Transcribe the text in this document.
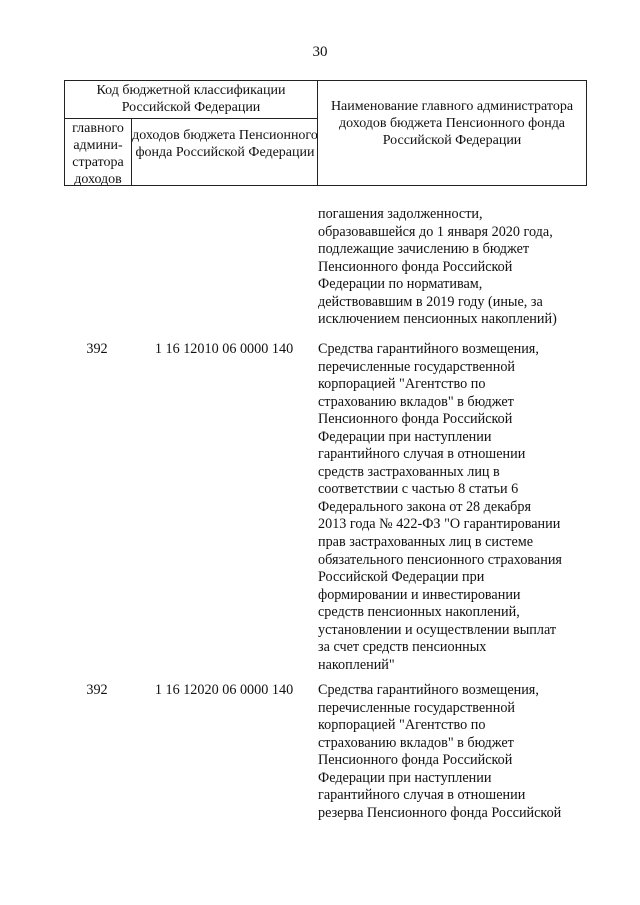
30
Код бюджетной классификации Российской Федерации
главного админи-стратора доходов
доходов бюджета Пенсионного фонда Российской Федерации
Наименование главного администратора доходов бюджета Пенсионного фонда Российской Федерации
погашения задолженности,
образовавшейся до 1 января 2020 года,
подлежащие зачислению в бюджет
Пенсионного фонда Российской
Федерации по нормативам,
действовавшим в 2019 году (иные, за
исключением пенсионных накоплений)
392	1 16 12010 06 0000 140	Средства гарантийного возмещения,
перечисленные государственной
корпорацией "Агентство по
страхованию вкладов" в бюджет
Пенсионного фонда Российской
Федерации при наступлении
гарантийного случая в отношении
средств застрахованных лиц в
соответствии с частью 8 статьи 6
Федерального закона от 28 декабря
2013 года № 422-ФЗ "О гарантировании
прав застрахованных лиц в системе
обязательного пенсионного страхования
Российской Федерации при
формировании и инвестировании
средств пенсионных накоплений,
установлении и осуществлении выплат
за счет средств пенсионных
накоплений"
392	1 16 12020 06 0000 140	Средства гарантийного возмещения,
перечисленные государственной
корпорацией "Агентство по
страхованию вкладов" в бюджет
Пенсионного фонда Российской
Федерации при наступлении
гарантийного случая в отношении
резерва Пенсионного фонда Российской
